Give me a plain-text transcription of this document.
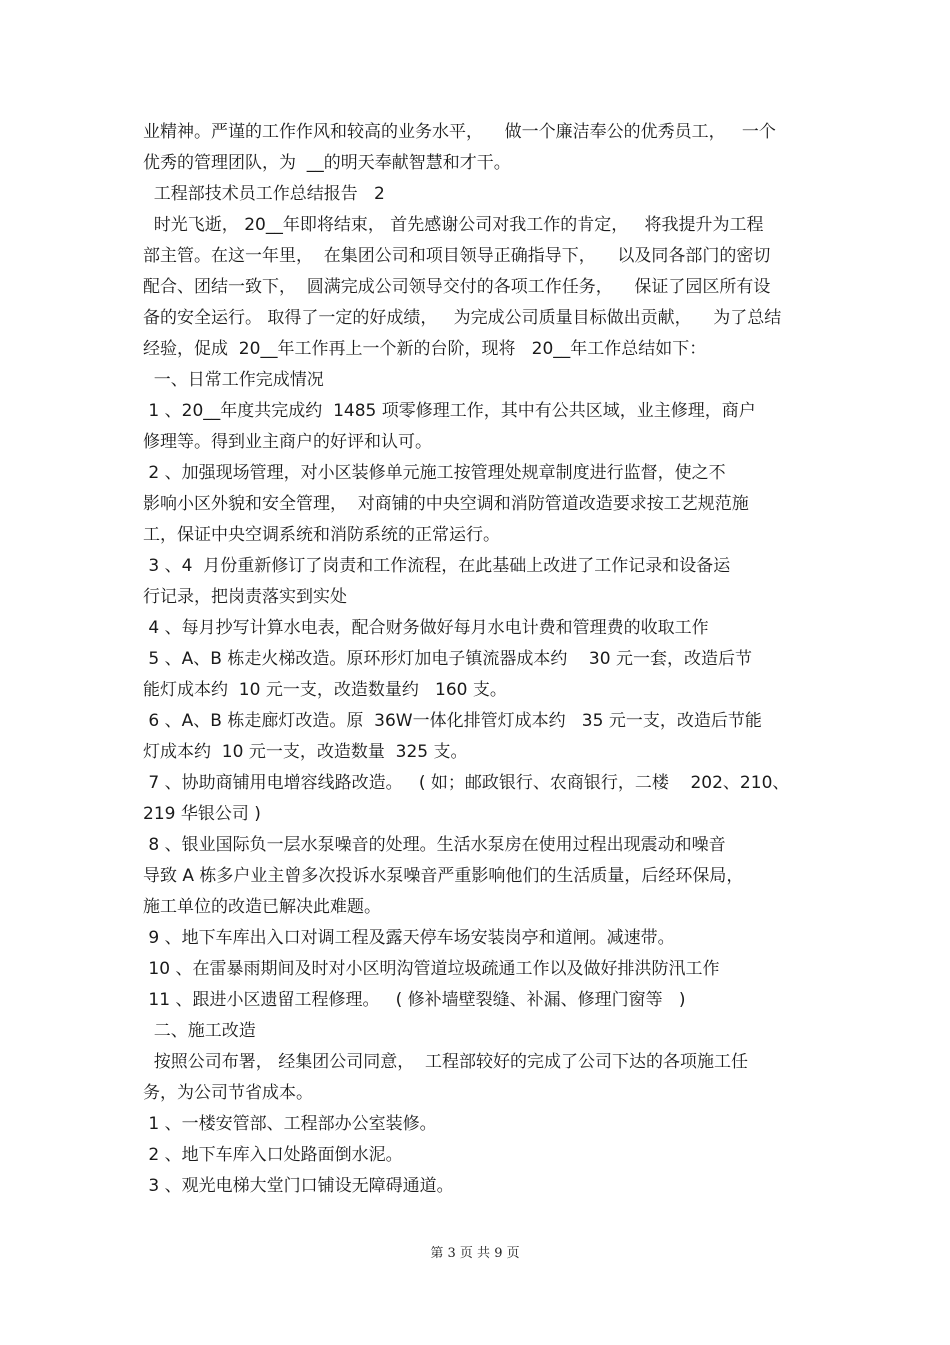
业精神。严谨的工作作风和较高的业务水平，    做一个廉洁奉公的优秀员工，   一个
优秀的管理团队，为  __的明天奉献智慧和才干。
工程部技术员工作总结报告   2
时光飞逝， 20__年即将结束， 首先感谢公司对我工作的肯定，   将我提升为工程
部主管。在这一年里，  在集团公司和项目领导正确指导下，    以及同各部门的密切
配合、团结一致下，  圆满完成公司领导交付的各项工作任务，    保证了园区所有设
备的安全运行。 取得了一定的好成绩，   为完成公司质量目标做出贡献，    为了总结
经验，促成  20__年工作再上一个新的台阶，现将   20__年工作总结如下：
一、日常工作完成情况
1 、20__年度共完成约  1485 项零修理工作，其中有公共区域，业主修理，商户
修理等。得到业主商户的好评和认可。
2 、加强现场管理，对小区装修单元施工按管理处规章制度进行监督，使之不
影响小区外貌和安全管理，  对商铺的中央空调和消防管道改造要求按工艺规范施
工，保证中央空调系统和消防系统的正常运行。
3 、4  月份重新修订了岗责和工作流程，在此基础上改进了工作记录和设备运
行记录，把岗责落实到实处
4 、每月抄写计算水电表，配合财务做好每月水电计费和管理费的收取工作
5 、A、B 栋走火梯改造。原环形灯加电子镇流器成本约    30 元一套，改造后节
能灯成本约  10 元一支，改造数量约   160 支。
6 、A、B 栋走廊灯改造。原  36W一体化排管灯成本约   35 元一支，改造后节能
灯成本约  10 元一支，改造数量  325 支。
7 、协助商铺用电增容线路改造。   ( 如；邮政银行、农商银行，二楼    202、210、
219 华银公司 )
8 、银业国际负一层水泵噪音的处理。生活水泵房在使用过程出现震动和噪音
导致 A 栋多户业主曾多次投诉水泵噪音严重影响他们的生活质量，后经环保局，
施工单位的改造已解决此难题。
9 、地下车库出入口对调工程及露天停车场安装岗亭和道闸。减速带。
10 、在雷暴雨期间及时对小区明沟管道垃圾疏通工作以及做好排洪防汛工作
11 、跟进小区遗留工程修理。   ( 修补墙壁裂缝、补漏、修理门窗等   )
二、施工改造
按照公司布署， 经集团公司同意，  工程部较好的完成了公司下达的各项施工任
务，为公司节省成本。
1 、一楼安管部、工程部办公室装修。
2 、地下车库入口处路面倒水泥。
3 、观光电梯大堂门口铺设无障碍通道。
第 3 页 共 9 页
